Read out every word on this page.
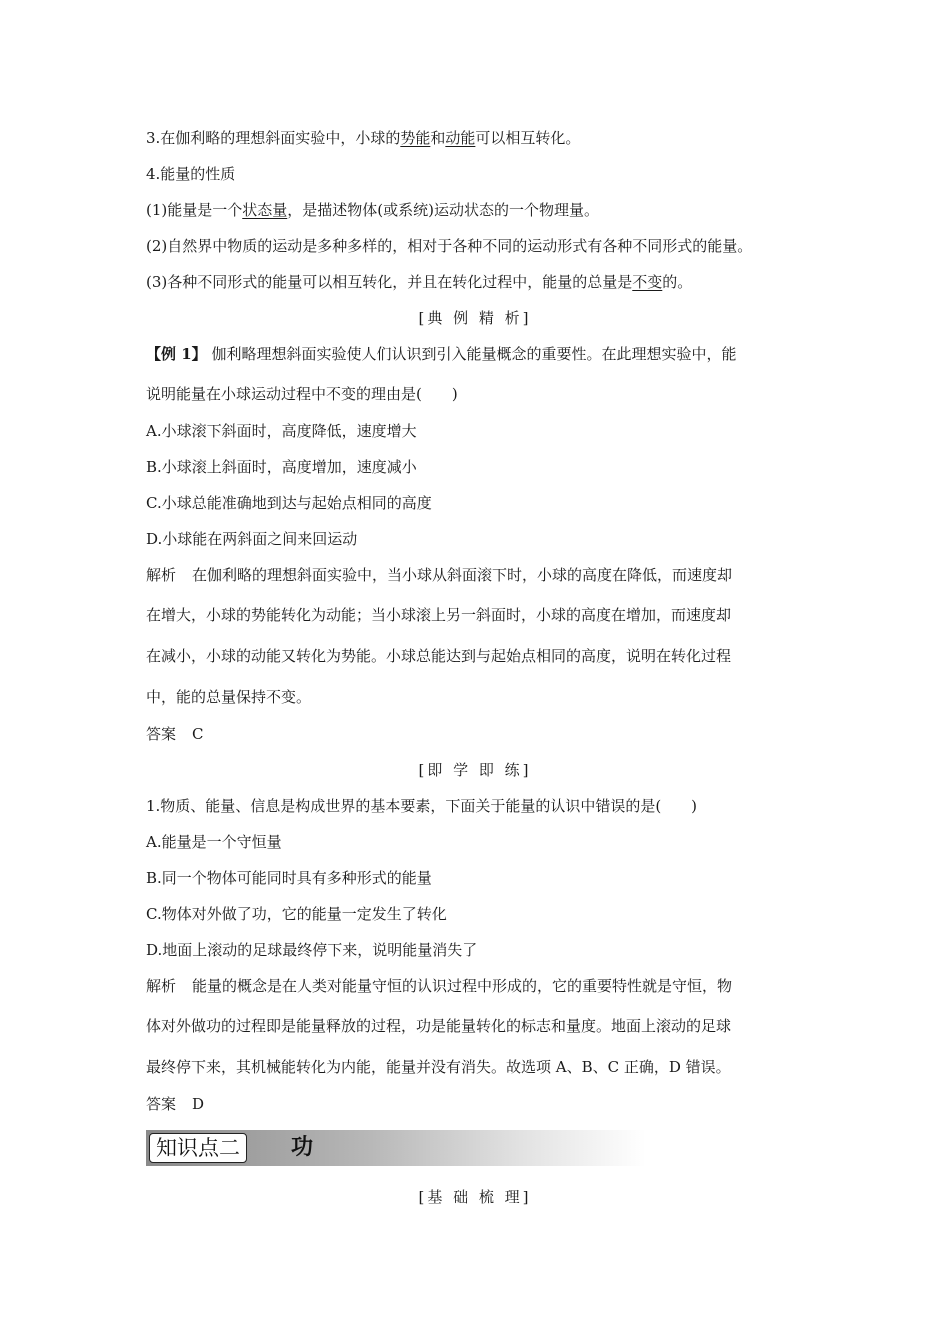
3.在伽利略的理想斜面实验中，小球的势能和动能可以相互转化。
4.能量的性质
(1)能量是一个状态量，是描述物体(或系统)运动状态的一个物理量。
(2)自然界中物质的运动是多种多样的，相对于各种不同的运动形式有各种不同形式的能量。
(3)各种不同形式的能量可以相互转化，并且在转化过程中，能量的总量是不变的。
[典 例 精 析]
【例 1】 伽利略理想斜面实验使人们认识到引入能量概念的重要性。在此理想实验中，能
说明能量在小球运动过程中不变的理由是(　　)
A.小球滚下斜面时，高度降低，速度增大
B.小球滚上斜面时，高度增加，速度减小
C.小球总能准确地到达与起始点相同的高度
D.小球能在两斜面之间来回运动
解析 在伽利略的理想斜面实验中，当小球从斜面滚下时，小球的高度在降低，而速度却
在增大，小球的势能转化为动能；当小球滚上另一斜面时，小球的高度在增加，而速度却
在减小，小球的动能又转化为势能。小球总能达到与起始点相同的高度，说明在转化过程
中，能的总量保持不变。
答案 C
[即 学 即 练]
1.物质、能量、信息是构成世界的基本要素，下面关于能量的认识中错误的是(　　)
A.能量是一个守恒量
B.同一个物体可能同时具有多种形式的能量
C.物体对外做了功，它的能量一定发生了转化
D.地面上滚动的足球最终停下来，说明能量消失了
解析 能量的概念是在人类对能量守恒的认识过程中形成的，它的重要特性就是守恒，物
体对外做功的过程即是能量释放的过程，功是能量转化的标志和量度。地面上滚动的足球
最终停下来，其机械能转化为内能，能量并没有消失。故选项 A、B、C 正确，D 错误。
答案 D
知识点二	功
[基 础 梳 理]
